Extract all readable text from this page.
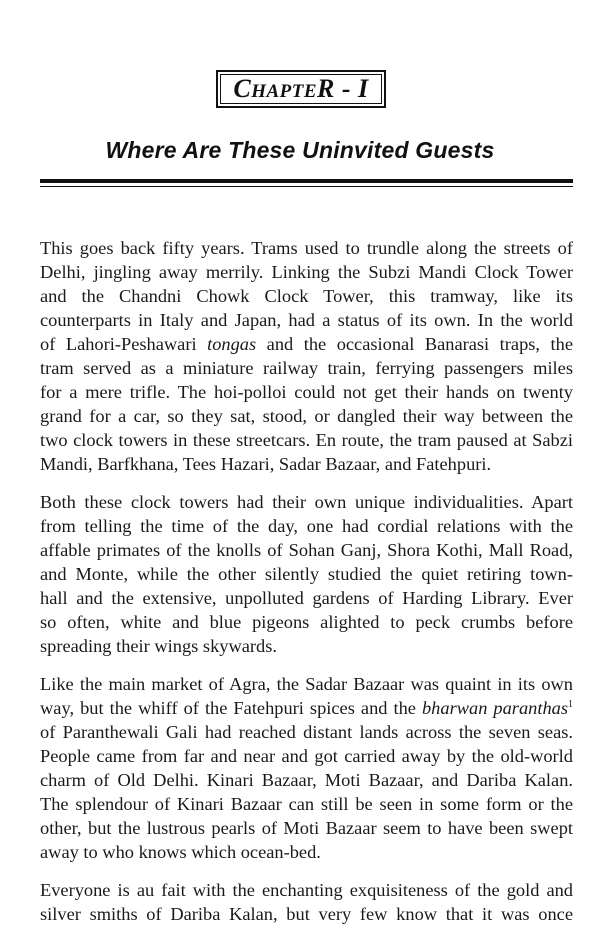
CHAPTER - I
Where Are These Uninvited Guests
This goes back fifty years. Trams used to trundle along the streets of
Delhi, jingling away merrily. Linking the Subzi Mandi Clock Tower
and the Chandni Chowk Clock Tower, this tramway, like its
counterparts in Italy and Japan, had a status of its own. In the world
of Lahori-Peshawari tongas and the occasional Banarasi traps, the
tram served as a miniature railway train, ferrying passengers miles
for a mere trifle. The hoi-polloi could not get their hands on twenty
grand for a car, so they sat, stood, or dangled their way between the
two clock towers in these streetcars. En route, the tram paused at Sabzi
Mandi, Barfkhana, Tees Hazari, Sadar Bazaar, and Fatehpuri.
Both these clock towers had their own unique individualities. Apart
from telling the time of the day, one had cordial relations with the
affable primates of the knolls of Sohan Ganj, Shora Kothi, Mall Road,
and Monte, while the other silently studied the quiet retiring town-
hall and the extensive, unpolluted gardens of Harding Library. Ever
so often, white and blue pigeons alighted to peck crumbs before
spreading their wings skywards.
Like the main market of Agra, the Sadar Bazaar was quaint in its own
way, but the whiff of the Fatehpuri spices and the bharwan paranthas$^1$
of Paranthewali Gali had reached distant lands across the seven seas.
People came from far and near and got carried away by the old-world
charm of Old Delhi. Kinari Bazaar, Moti Bazaar, and Dariba Kalan.
The splendour of Kinari Bazaar can still be seen in some form or the
other, but the lustrous pearls of Moti Bazaar seem to have been swept
away to who knows which ocean-bed.
Everyone is au fait with the enchanting exquisiteness of the gold and
silver smiths of Dariba Kalan, but very few know that it was once
